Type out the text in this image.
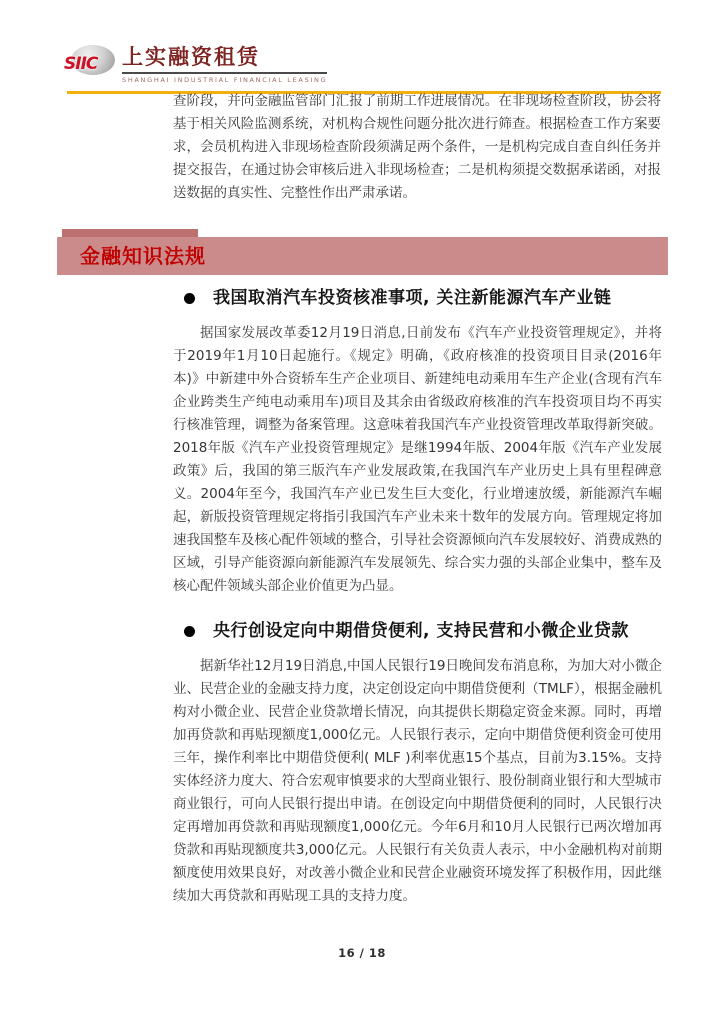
SIIC 上实融资租赁
SHANGHAI INDUSTRIAL FINANCIAL LEASING

查阶段，并向金融监管部门汇报了前期工作进展情况。在非现场检查阶段，协会将基于相关风险监测系统，对机构合规性问题分批次进行筛查。根据检查工作方案要求，会员机构进入非现场检查阶段须满足两个条件，一是机构完成自查自纠任务并提交报告，在通过协会审核后进入非现场检查；二是机构须提交数据承诺函，对报送数据的真实性、完整性作出严肃承诺。

金融知识法规
我国取消汽车投资核准事项, 关注新能源汽车产业链

据国家发展改革委12月19日消息,日前发布《汽车产业投资管理规定》，并将于2019年1月10日起施行。《规定》明确，《政府核准的投资项目目录(2016年本)》中新建中外合资轿车生产企业项目、新建纯电动乘用车生产企业(含现有汽车企业跨类生产纯电动乘用车)项目及其余由省级政府核准的汽车投资项目均不再实行核准管理，调整为备案管理。这意味着我国汽车产业投资管理改革取得新突破。2018年版《汽车产业投资管理规定》是继1994年版、2004年版《汽车产业发展政策》后，我国的第三版汽车产业发展政策,在我国汽车产业历史上具有里程碑意义。2004年至今，我国汽车产业已发生巨大变化，行业增速放缓，新能源汽车崛起，新版投资管理规定将指引我国汽车产业未来十数年的发展方向。管理规定将加速我国整车及核心配件领域的整合，引导社会资源倾向汽车发展较好、消费成熟的区域，引导产能资源向新能源汽车发展领先、综合实力强的头部企业集中，整车及核心配件领域头部企业价值更为凸显。

央行创设定向中期借贷便利, 支持民营和小微企业贷款

据新华社12月19日消息,中国人民银行19日晚间发布消息称，为加大对小微企业、民营企业的金融支持力度，决定创设定向中期借贷便利（TMLF），根据金融机构对小微企业、民营企业贷款增长情况，向其提供长期稳定资金来源。同时，再增加再贷款和再贴现额度1,000亿元。人民银行表示，定向中期借贷便利资金可使用三年，操作利率比中期借贷便利( MLF )利率优惠15个基点，目前为3.15%。支持实体经济力度大、符合宏观审慎要求的大型商业银行、股份制商业银行和大型城市商业银行，可向人民银行提出申请。在创设定向中期借贷便利的同时，人民银行决定再增加再贷款和再贴现额度1,000亿元。今年6月和10月人民银行已两次增加再贷款和再贴现额度共3,000亿元。人民银行有关负责人表示，中小金融机构对前期额度使用效果良好，对改善小微企业和民营企业融资环境发挥了积极作用，因此继续加大再贷款和再贴现工具的支持力度。

16 / 18
